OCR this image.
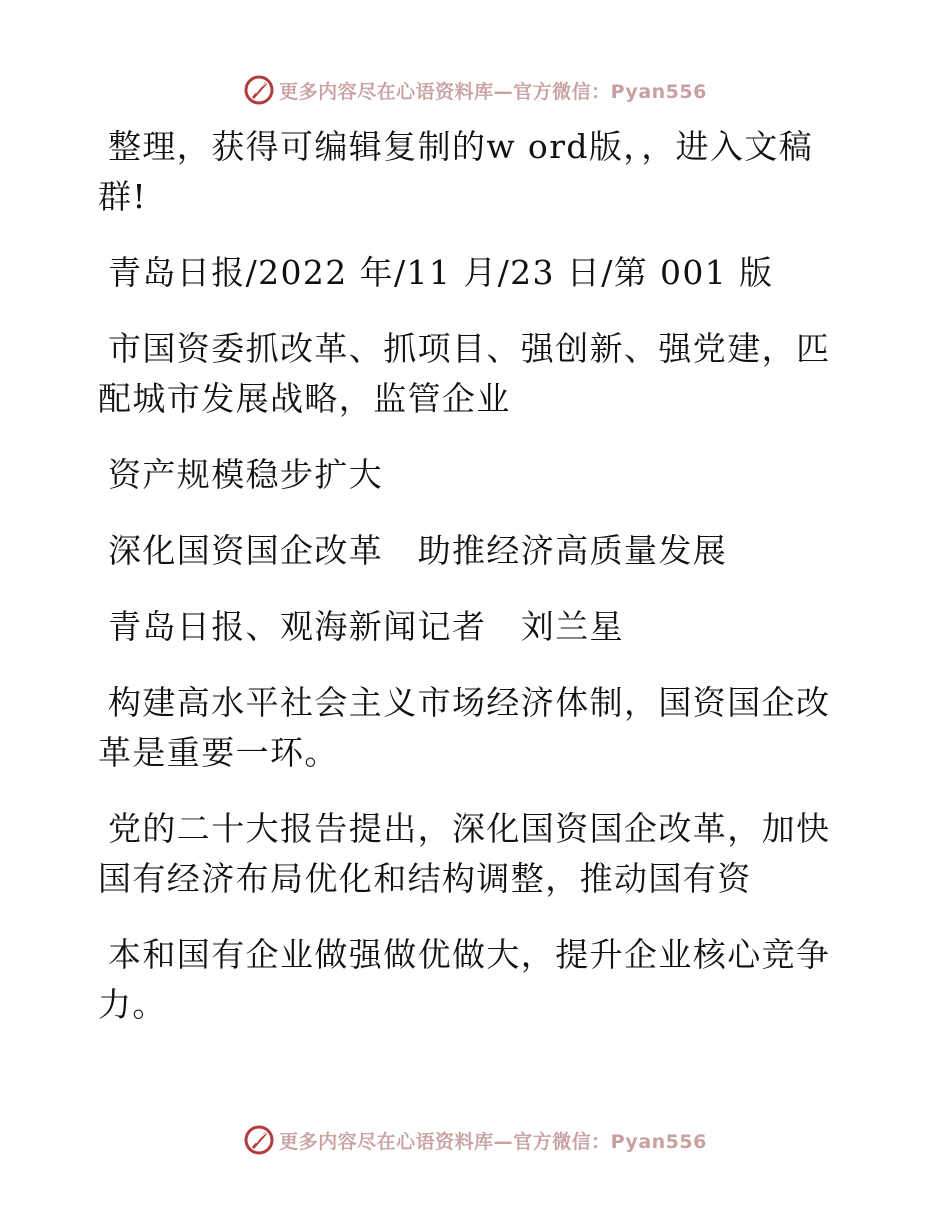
更多内容尽在心语资料库—官方微信：Pyan556

整理，获得可编辑复制的w ord版，，进入文稿群!

青岛日报/2022 年/11 月/23 日/第 001 版

市国资委抓改革、抓项目、强创新、强党建，匹配城市发展战略，监管企业

资产规模稳步扩大

深化国资国企改革　助推经济高质量发展

青岛日报、观海新闻记者　刘兰星

构建高水平社会主义市场经济体制，国资国企改革是重要一环。

党的二十大报告提出，深化国资国企改革，加快国有经济布局优化和结构调整，推动国有资

本和国有企业做强做优做大，提升企业核心竞争力。

更多内容尽在心语资料库—官方微信：Pyan556
